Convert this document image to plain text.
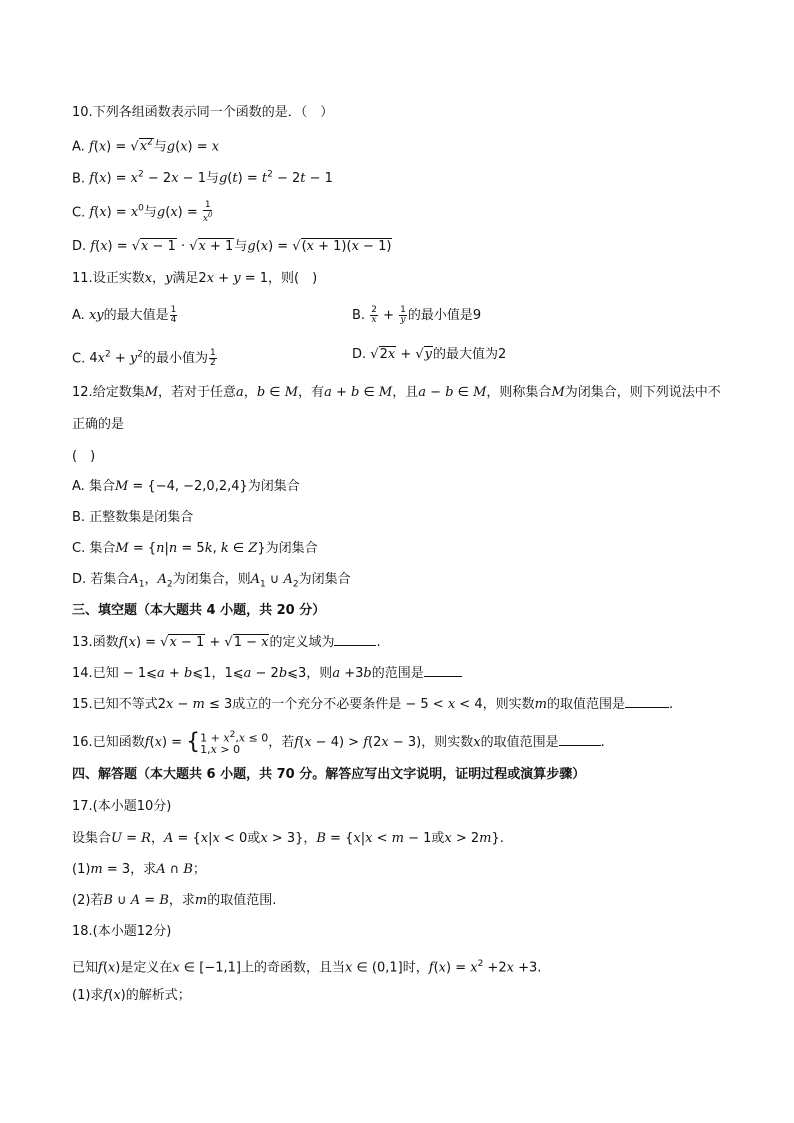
10.下列各组函数表示同一个函数的是．（　）
A. $f(x) = √x^2$与g(x) = x
B. $f(x) = x^2 - 2x - 1$与$g(t) = t^2 - 2t - 1$
C. $f(x) = x^0$与$g(x) = \frac{1}{x^0}$
D. f(x) = √x − 1 · √x + 1与g(x) = √(x + 1)(x − 1)
11.设正实数x，y满足2x + y = 1，则(　)
A. xy的最大值是 $\frac{1}{4}$	B. $\frac{2}{x} + \frac{1}{y}$ 的最小值是9
C. $4x^2 + y^2$的最小值为 $\frac{1}{2}$	D. √2x + √y的最大值为2
12.给定数集M，若对于任意a，b ∈ M，有a + b ∈ M，且a − b ∈ M，则称集合M为闭集合，则下列说法中不
正确的是
(　)
A. 集合M = {−4, −2,0,2,4}为闭集合
B. 正整数集是闭集合
C. 集合M = {n|n = 5k, k ∈ Z}为闭集合
D. 若集合$A_1$，$A_2$为闭集合，则$A_1$ ∪ $A_2$为闭集合
三、填空题（本大题共 4 小题，共 20 分）
13.函数f(x) = √x − 1 + √1 − x的定义域为	.
14.已知 − 1⩽a + b⩽1，1⩽a − 2b⩽3，则a +3b的范围是
15.已知不等式2x − m ≤ 3成立的一个充分不必要条件是 − 5 < x < 4，则实数m的取值范围是	.
16.已知函数f(x) = { $1 + x^2,x \le 0$
1,x > 0	，若f(x − 4) > f(2x − 3)，则实数x的取值范围是	.
四、解答题（本大题共 6 小题，共 70 分。解答应写出文字说明，证明过程或演算步骤）
17.(本小题10分)
设集合U = R，A = {x|x < 0或x > 3}，B = {x|x < m − 1或x > 2m}.
(1)m = 3，求A ∩ B；
(2)若B ∪ A = B，求m的取值范围.
18.(本小题12分)
已知f(x)是定义在x ∈ [−1,1]上的奇函数，且当x ∈ (0,1]时，$f(x) = x^2 +2x +3$.
(1)求f(x)的解析式；
